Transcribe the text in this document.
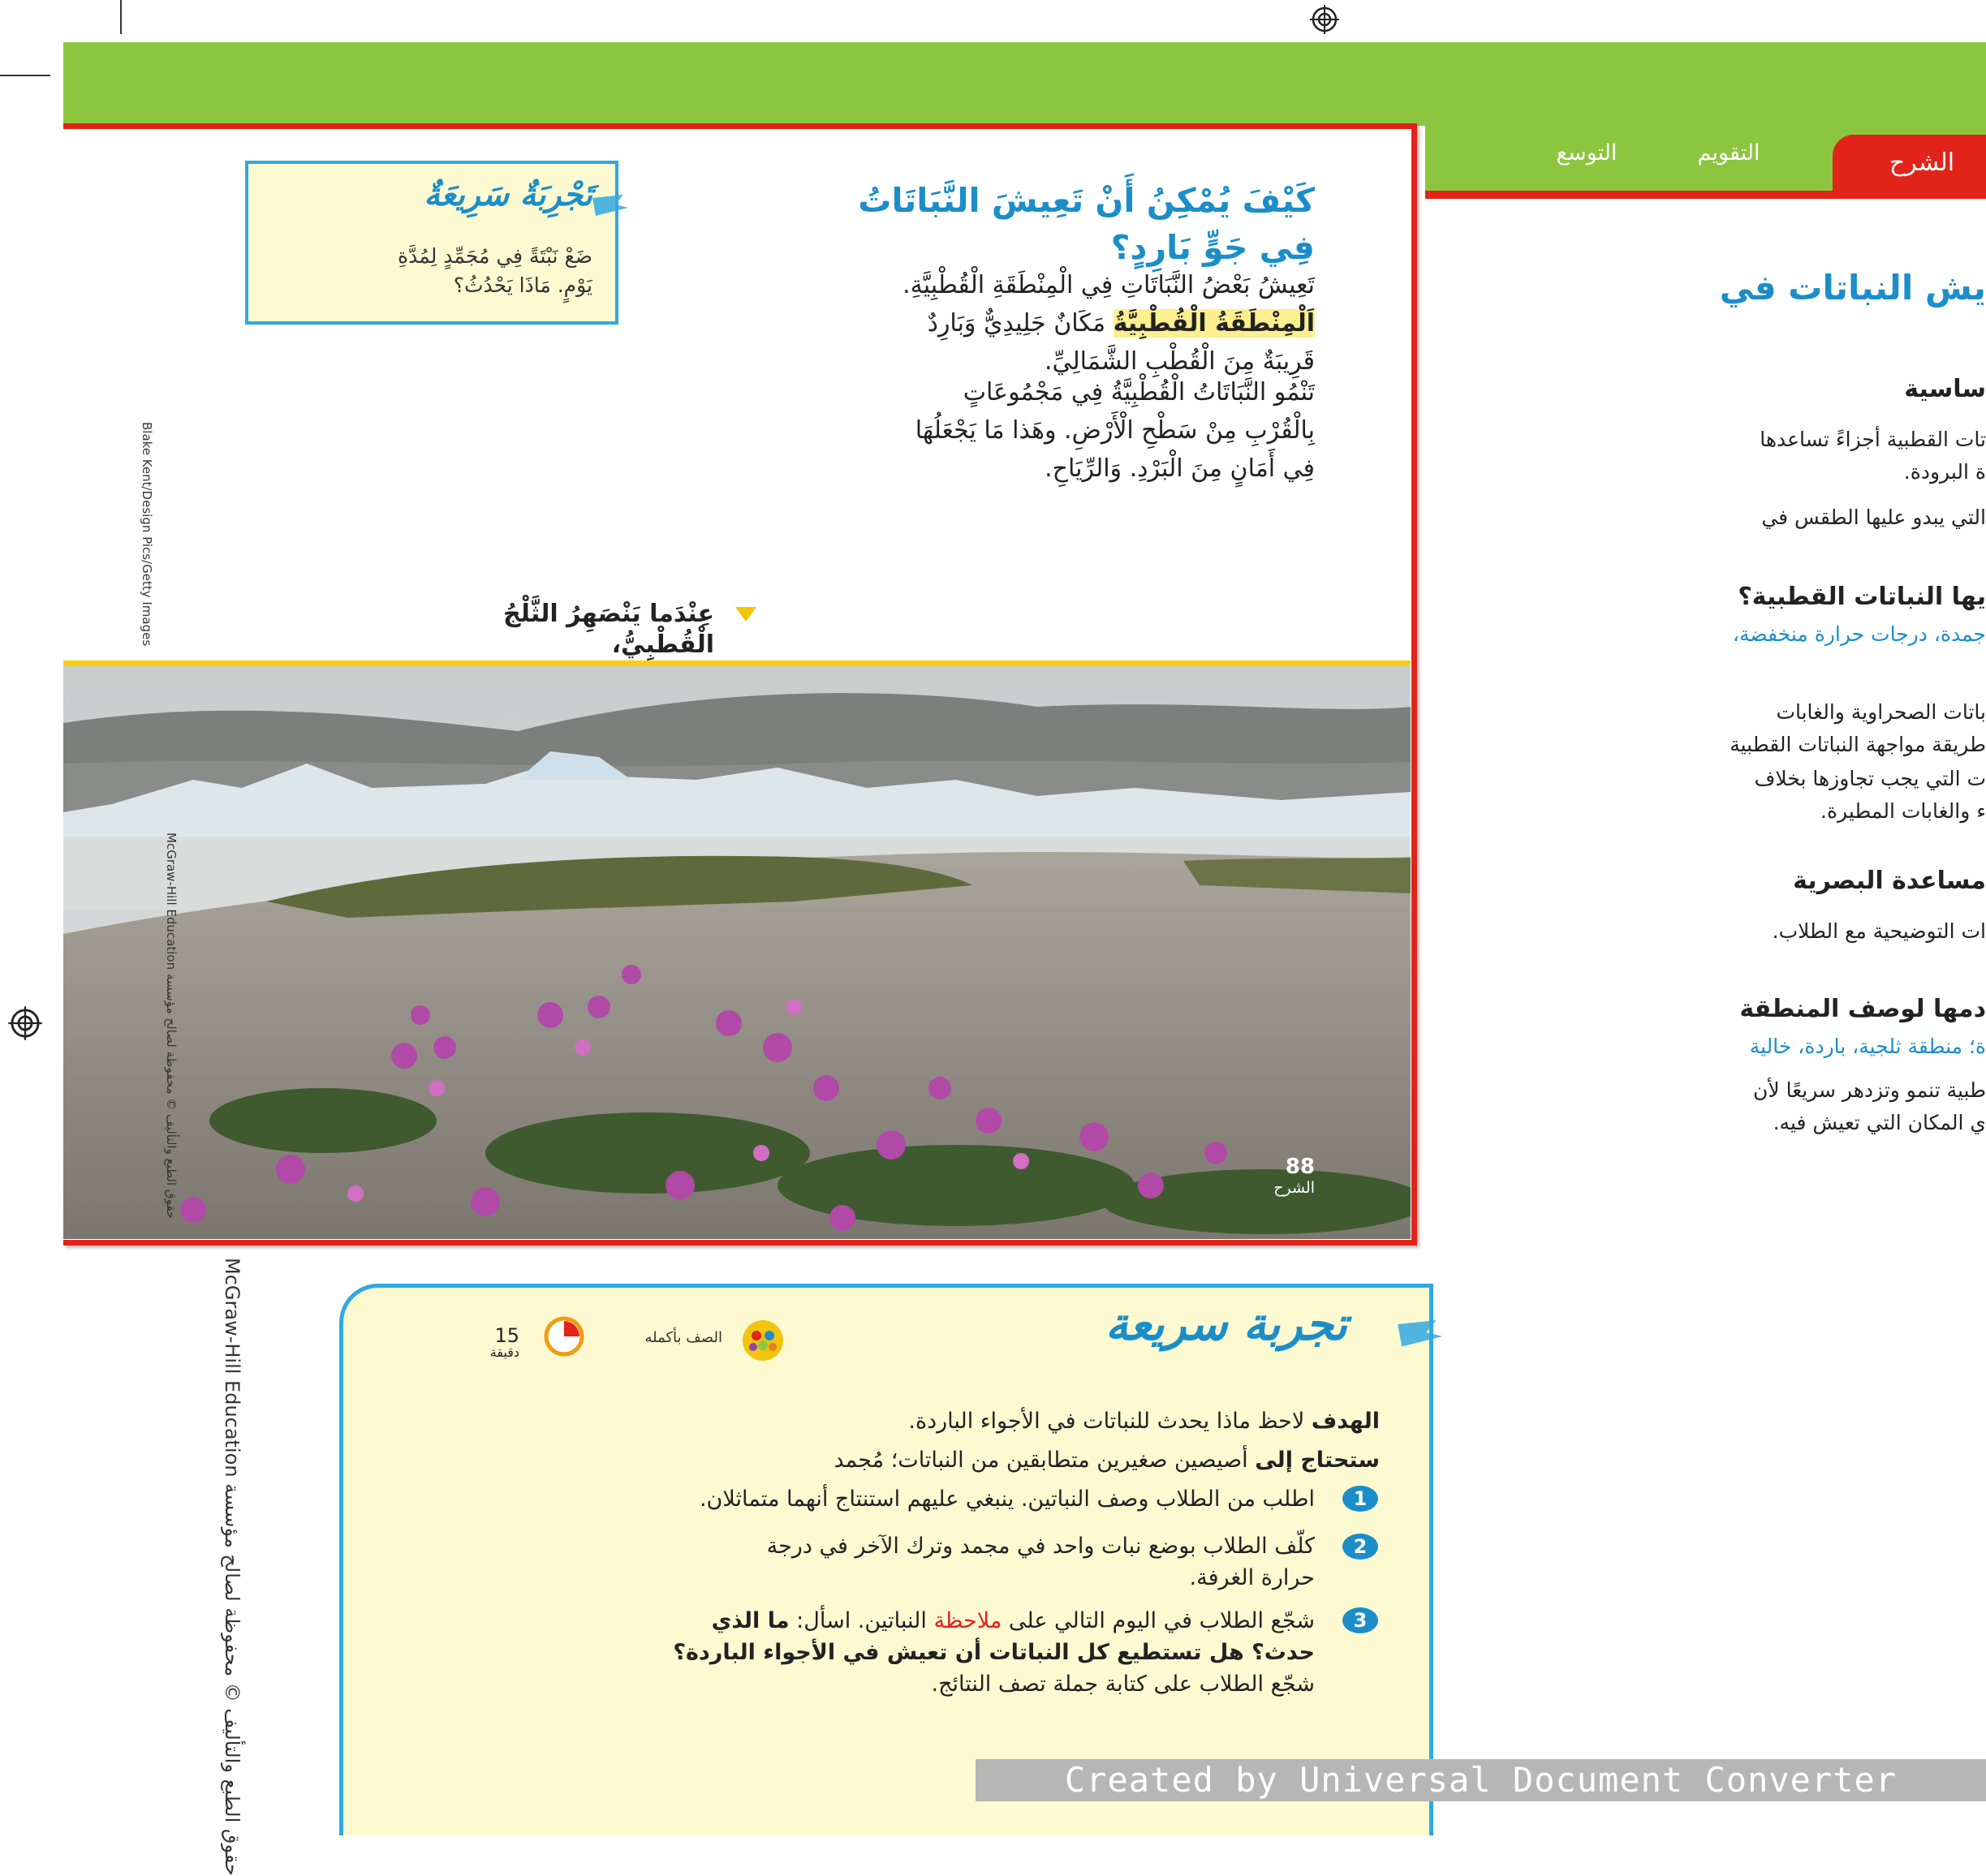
الشرح
التقويم
التوسع
كَيْفَ يُمْكِنُ أَنْ تَعِيشَ النَّبَاتَاتُ
فِي جَوٍّ بَارِدٍ؟
تَعِيشُ بَعْضُ النَّبَاتَاتِ فِي الْمِنْطَقَةِ الْقُطْبِيَّةِ.
اَلْمِنْطَقَةُ الْقُطْبِيَّةُ مَكَانٌ جَلِيدِيٌّ وَبَارِدٌ
قَرِيبَةٌ مِنَ الْقُطْبِ الشَّمَالِيِّ.
تَنْمُو النَّبَاتَاتُ الْقُطْبِيَّةُ فِي مَجْمُوعَاتٍ
بِالْقُرْبِ مِنْ سَطْحِ الْأَرْضِ. وهَذا مَا يَجْعَلُهَا
فِي أَمَانٍ مِنَ الْبَرْدِ. وَالرِّيَاحِ.
تَجْرِبَةٌ سَرِيعَةٌ
ضَعْ نَبْتَةً فِي مُجَمِّدٍ لِمُدَّةِ
يَوْمٍ. مَاذَا يَحْدُثُ؟
عِنْدَما يَنْصَهِرُ الثَّلْجُ الْقُطْبِيُّ،
Blake Kent/Design Pics/Getty Images
88
الشرح
McGraw-Hill Education حقوق الطبع والتأليف © محفوظة لصالح مؤسسة
يش النباتات في
ساسية
تات القطبية أجزاءً تساعدها
ة البرودة.
التي يبدو عليها الطقس في
يها النباتات القطبية؟
جمدة، درجات حرارة منخفضة،
باتات الصحراوية والغابات
طريقة مواجهة النباتات القطبية
ت التي يجب تجاوزها بخلاف
ء والغابات المطيرة.
مساعدة البصرية
ات التوضيحية مع الطلاب.
دمها لوصف المنطقة
ة؛ منطقة ثلجية، باردة، خالية
طبية تنمو وتزدهر سريعًا لأن
ي المكان التي تعيش فيه.
McGraw-Hill Education حقوق الطبع والتأليف © محفوظة لصالح مؤسسة
تجربة سريعة
الصف بأكمله
15
دقيقة
الهدف لاحظ ماذا يحدث للنباتات في الأجواء الباردة.
ستحتاج إلى أصيصين صغيرين متطابقين من النباتات؛ مُجمد
1
اطلب من الطلاب وصف النباتين. ينبغي عليهم استنتاج أنهما متماثلان.
2
كلّف الطلاب بوضع نبات واحد في مجمد وترك الآخر في درجة
حرارة الغرفة.
3
شجّع الطلاب في اليوم التالي على ملاحظة النباتين. اسأل: ما الذي
حدث؟ هل تستطيع كل النباتات أن تعيش في الأجواء الباردة؟
شجّع الطلاب على كتابة جملة تصف النتائج.
Created by Universal Document Converter
